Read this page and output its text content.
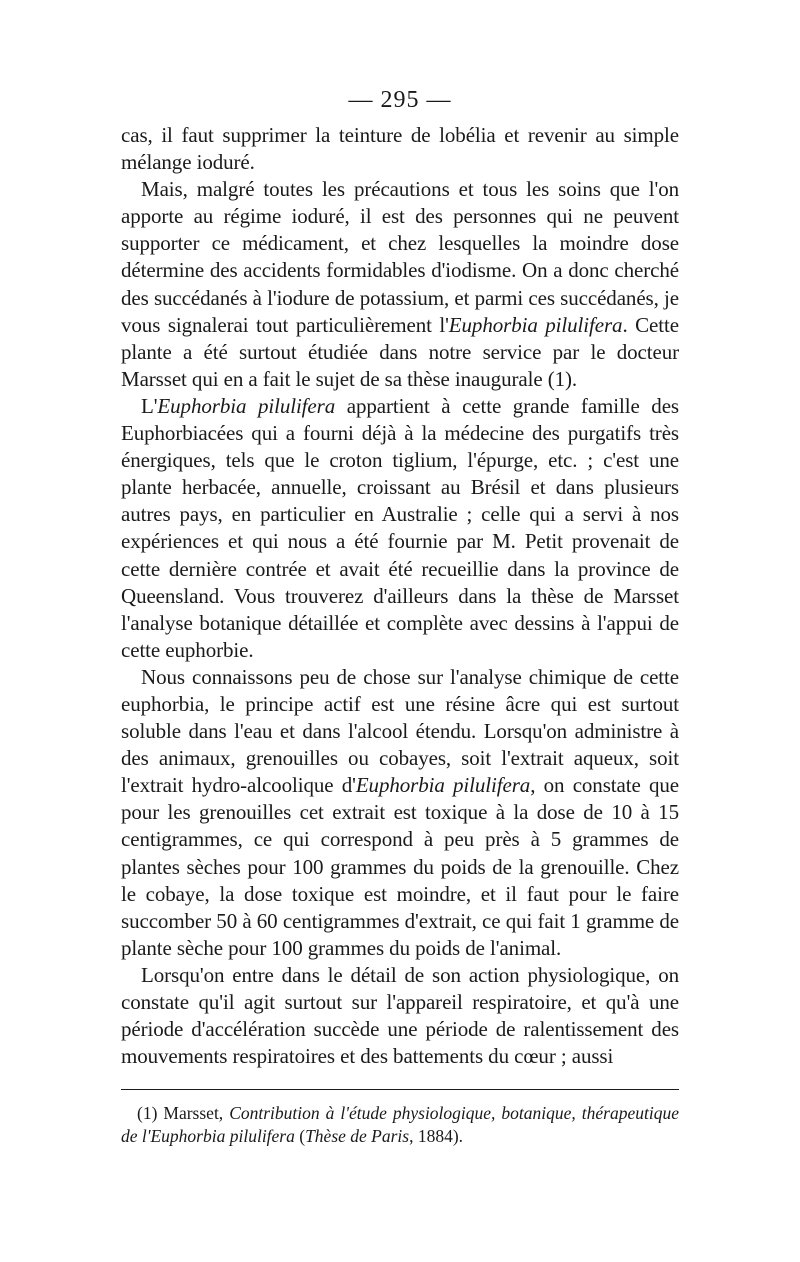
— 295 —

cas, il faut supprimer la teinture de lobélia et revenir au simple mélange ioduré.

Mais, malgré toutes les précautions et tous les soins que l'on apporte au régime ioduré, il est des personnes qui ne peuvent supporter ce médicament, et chez lesquelles la moindre dose détermine des accidents formidables d'iodisme. On a donc cherché des succédanés à l'iodure de potassium, et parmi ces succédanés, je vous signalerai tout particulièrement l'Euphorbia pilulifera. Cette plante a été surtout étudiée dans notre service par le docteur Marsset qui en a fait le sujet de sa thèse inaugurale (1).

L'Euphorbia pilulifera appartient à cette grande famille des Euphorbiacées qui a fourni déjà à la médecine des purgatifs très énergiques, tels que le croton tiglium, l'épurge, etc. ; c'est une plante herbacée, annuelle, croissant au Brésil et dans plusieurs autres pays, en particulier en Australie ; celle qui a servi à nos expériences et qui nous a été fournie par M. Petit provenait de cette dernière contrée et avait été recueillie dans la province de Queensland. Vous trouverez d'ailleurs dans la thèse de Marsset l'analyse botanique détaillée et complète avec dessins à l'appui de cette euphorbie.

Nous connaissons peu de chose sur l'analyse chimique de cette euphorbia, le principe actif est une résine âcre qui est surtout soluble dans l'eau et dans l'alcool étendu. Lorsqu'on administre à des animaux, grenouilles ou cobayes, soit l'extrait aqueux, soit l'extrait hydro-alcoolique d'Euphorbia pilulifera, on constate que pour les grenouilles cet extrait est toxique à la dose de 10 à 15 centigrammes, ce qui correspond à peu près à 5 grammes de plantes sèches pour 100 grammes du poids de la grenouille. Chez le cobaye, la dose toxique est moindre, et il faut pour le faire succomber 50 à 60 centigrammes d'extrait, ce qui fait 1 gramme de plante sèche pour 100 grammes du poids de l'animal.

Lorsqu'on entre dans le détail de son action physiologique, on constate qu'il agit surtout sur l'appareil respiratoire, et qu'à une période d'accélération succède une période de ralentissement des mouvements respiratoires et des battements du cœur ; aussi

(1) Marsset, Contribution à l'étude physiologique, botanique, thérapeutique de l'Euphorbia pilulifera (Thèse de Paris, 1884).
